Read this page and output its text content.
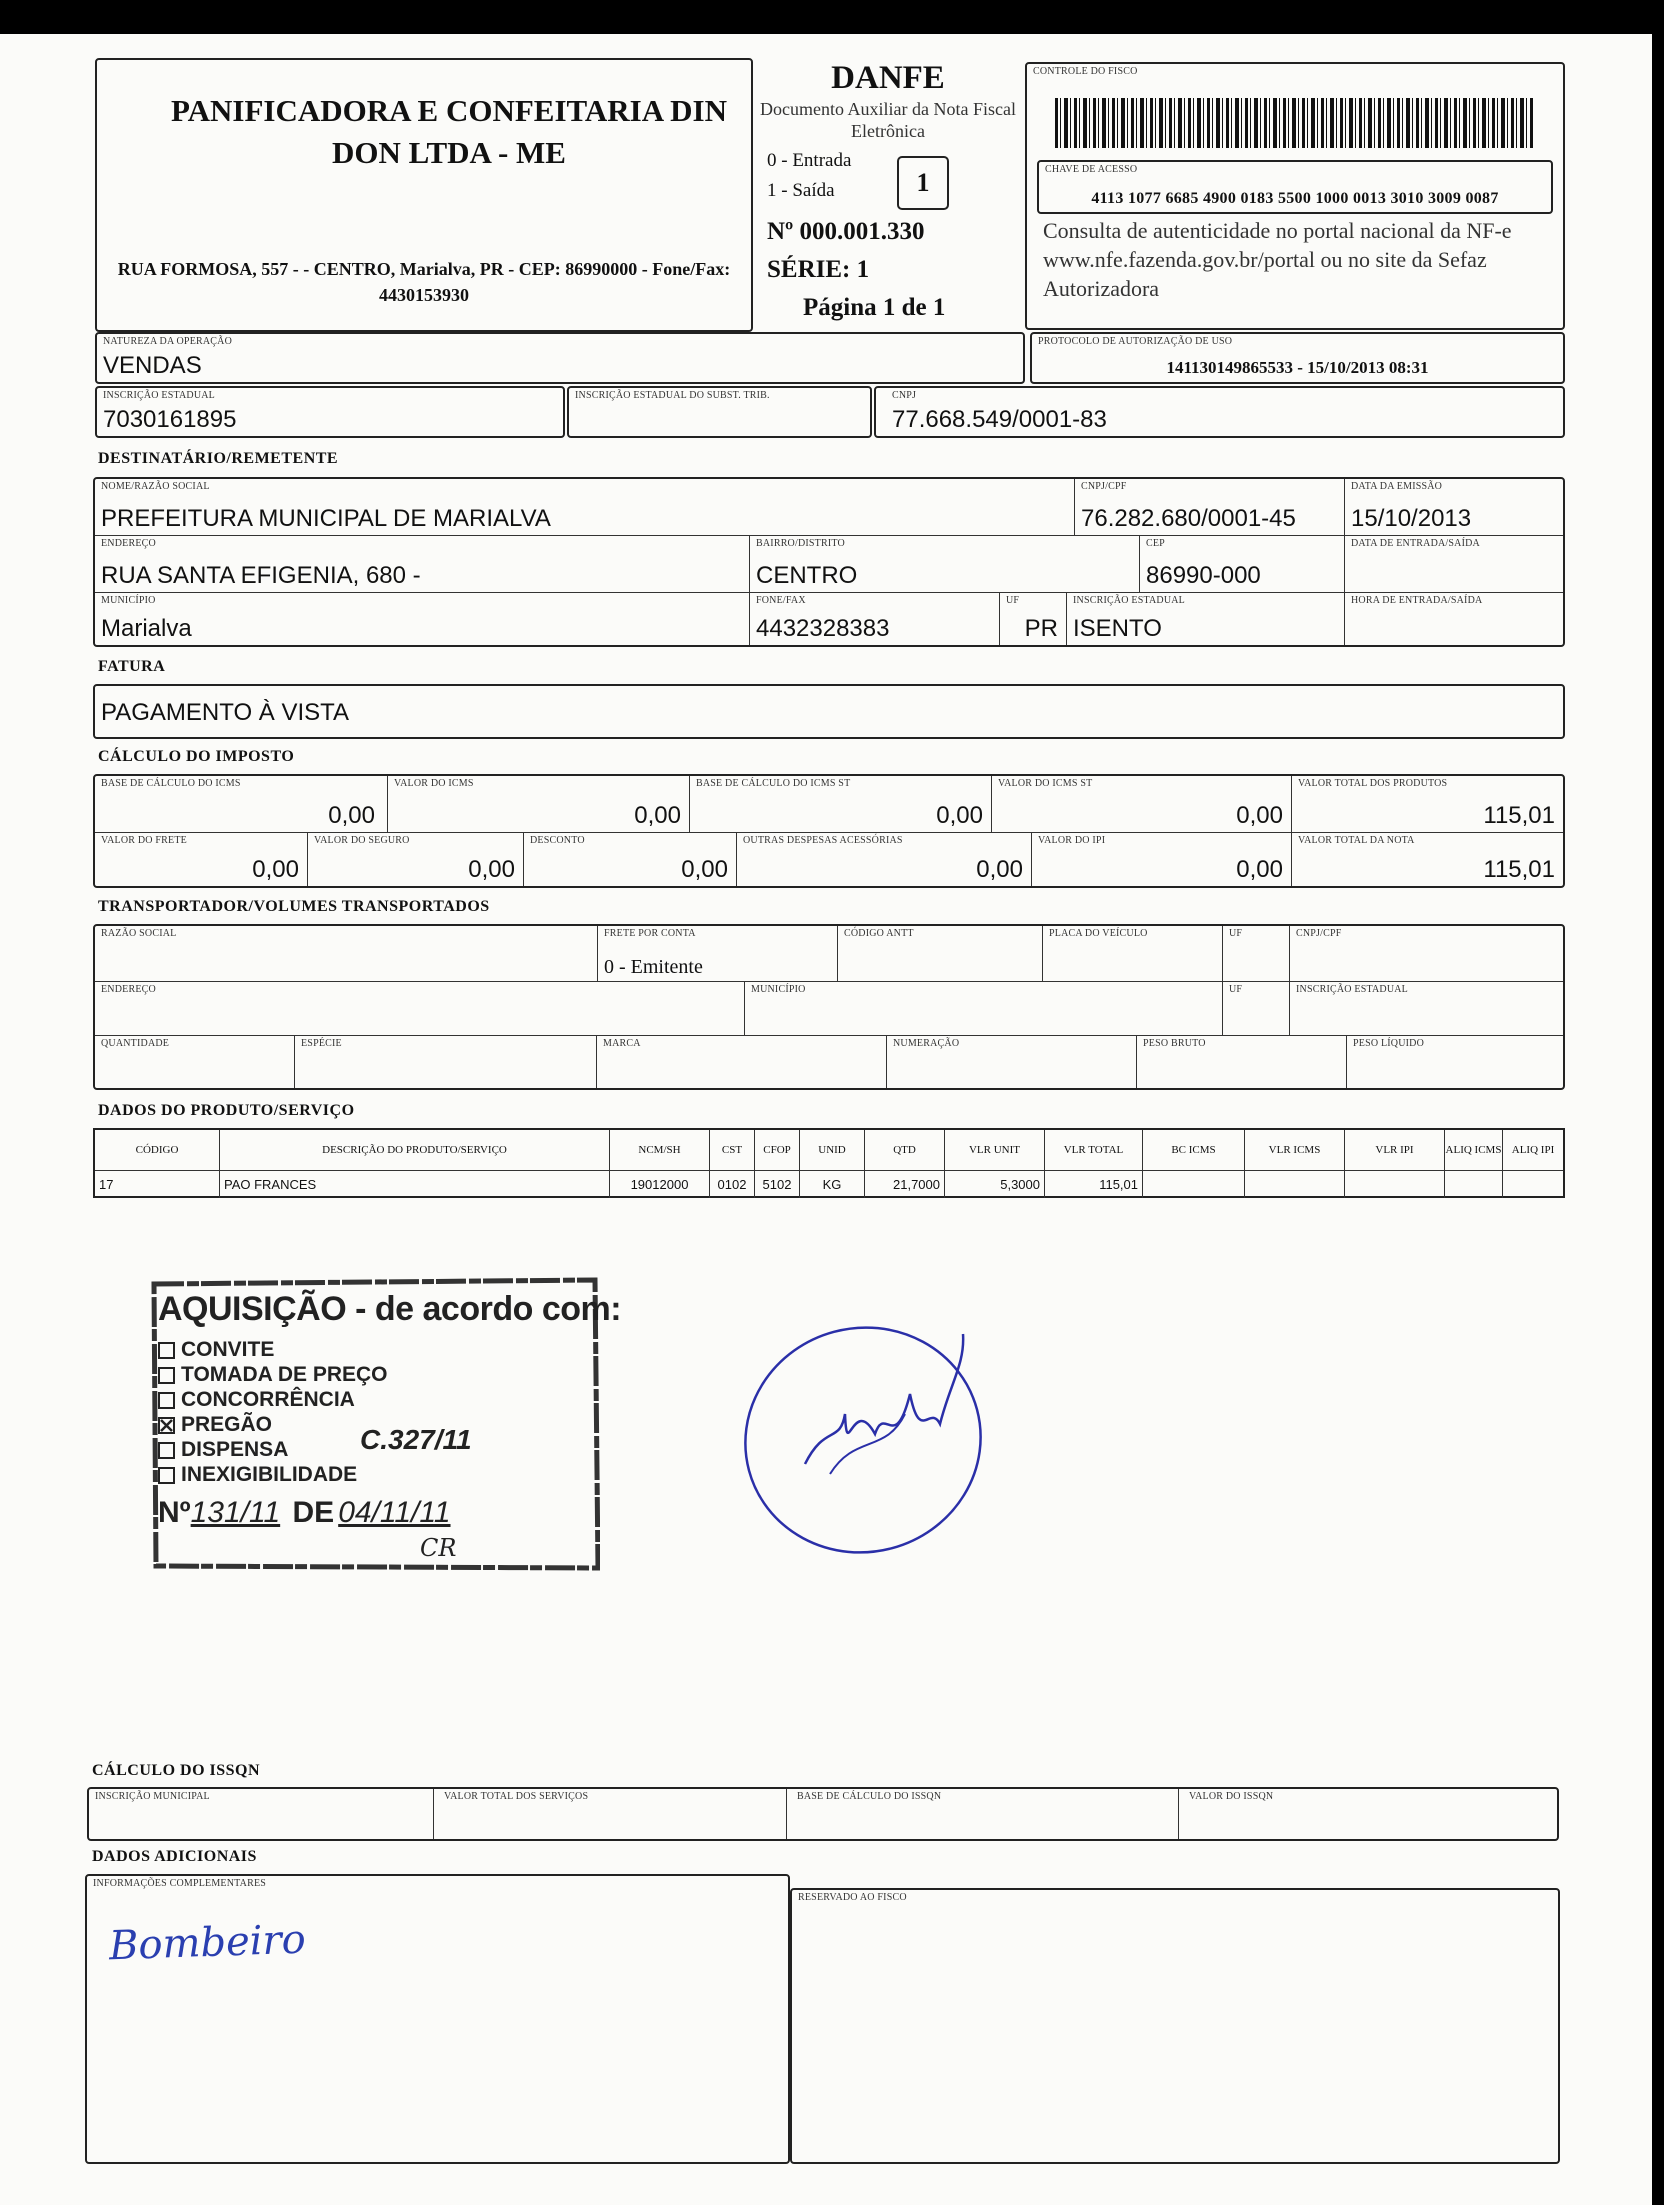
PANIFICADORA E CONFEITARIA DIN DON LTDA - ME
RUA FORMOSA, 557 - - CENTRO, Marialva, PR - CEP: 86990000 - Fone/Fax: 4430153930
DANFE
Documento Auxiliar da Nota Fiscal Eletrônica
0 - Entrada
1 - Saída	1
Nº 000.001.330
SÉRIE: 1
Página 1 de 1
CONTROLE DO FISCO
CHAVE DE ACESSO
4113 1077 6685 4900 0183 5500 1000 0013 3010 3009 0087
Consulta de autenticidade no portal nacional da NF-e www.nfe.fazenda.gov.br/portal ou no site da Sefaz Autorizadora
NATUREZA DA OPERAÇÃO
VENDAS
PROTOCOLO DE AUTORIZAÇÃO DE USO
141130149865533 - 15/10/2013 08:31
INSCRIÇÃO ESTADUAL
7030161895
INSCRIÇÃO ESTADUAL DO SUBST. TRIB.	CNPJ
77.668.549/0001-83
DESTINATÁRIO/REMETENTE
NOME/RAZÃO SOCIAL
PREFEITURA MUNICIPAL DE MARIALVA
CNPJ/CPF
76.282.680/0001-45
DATA DA EMISSÃO
15/10/2013
ENDEREÇO
RUA SANTA EFIGENIA, 680 -
BAIRRO/DISTRITO
CENTRO
CEP
86990-000
DATA DE ENTRADA/SAÍDA
MUNICÍPIO
Marialva
FONE/FAX
4432328383
UF
PR
INSCRIÇÃO ESTADUAL
ISENTO
HORA DE ENTRADA/SAÍDA
FATURA
PAGAMENTO À VISTA
CÁLCULO DO IMPOSTO
BASE DE CÁLCULO DO ICMS
0,00
VALOR DO ICMS
0,00
BASE DE CÁLCULO DO ICMS ST
0,00
VALOR DO ICMS ST
0,00
VALOR TOTAL DOS PRODUTOS
115,01
VALOR DO FRETE
0,00
VALOR DO SEGURO
0,00
DESCONTO
0,00
OUTRAS DESPESAS ACESSÓRIAS
0,00
VALOR DO IPI
0,00
VALOR TOTAL DA NOTA
115,01
TRANSPORTADOR/VOLUMES TRANSPORTADOS
RAZÃO SOCIAL	FRETE POR CONTA
0 - Emitente
CÓDIGO ANTT	PLACA DO VEÍCULO	UF	CNPJ/CPF
ENDEREÇO	MUNICÍPIO	UF	INSCRIÇÃO ESTADUAL
QUANTIDADE	ESPÉCIE	MARCA	NUMERAÇÃO	PESO BRUTO	PESO LÍQUIDO
DADOS DO PRODUTO/SERVIÇO
CÓDIGO	DESCRIÇÃO DO PRODUTO/SERVIÇO	NCM/SH	CST	CFOP	UNID	QTD	VLR UNIT	VLR TOTAL	BC ICMS	VLR ICMS	VLR IPI	ALIQ ICMS ALIQ IPI
17	PAO FRANCES	19012000	0102	5102	KG	21,7000	5,3000	115,01
AQUISIÇÃO - de acordo com:
CONVITE
TOMADA DE PREÇO
CONCORRÊNCIA
PREGÃO
DISPENSA
INEXIGIBILIDADE
C.327/11
Nº131/11 DE 04/11/11
CR
CÁLCULO DO ISSQN
INSCRIÇÃO MUNICIPAL	VALOR TOTAL DOS SERVIÇOS	BASE DE CÁLCULO DO ISSQN	VALOR DO ISSQN
DADOS ADICIONAIS
INFORMAÇÕES COMPLEMENTARES
Bombeiro
RESERVADO AO FISCO
